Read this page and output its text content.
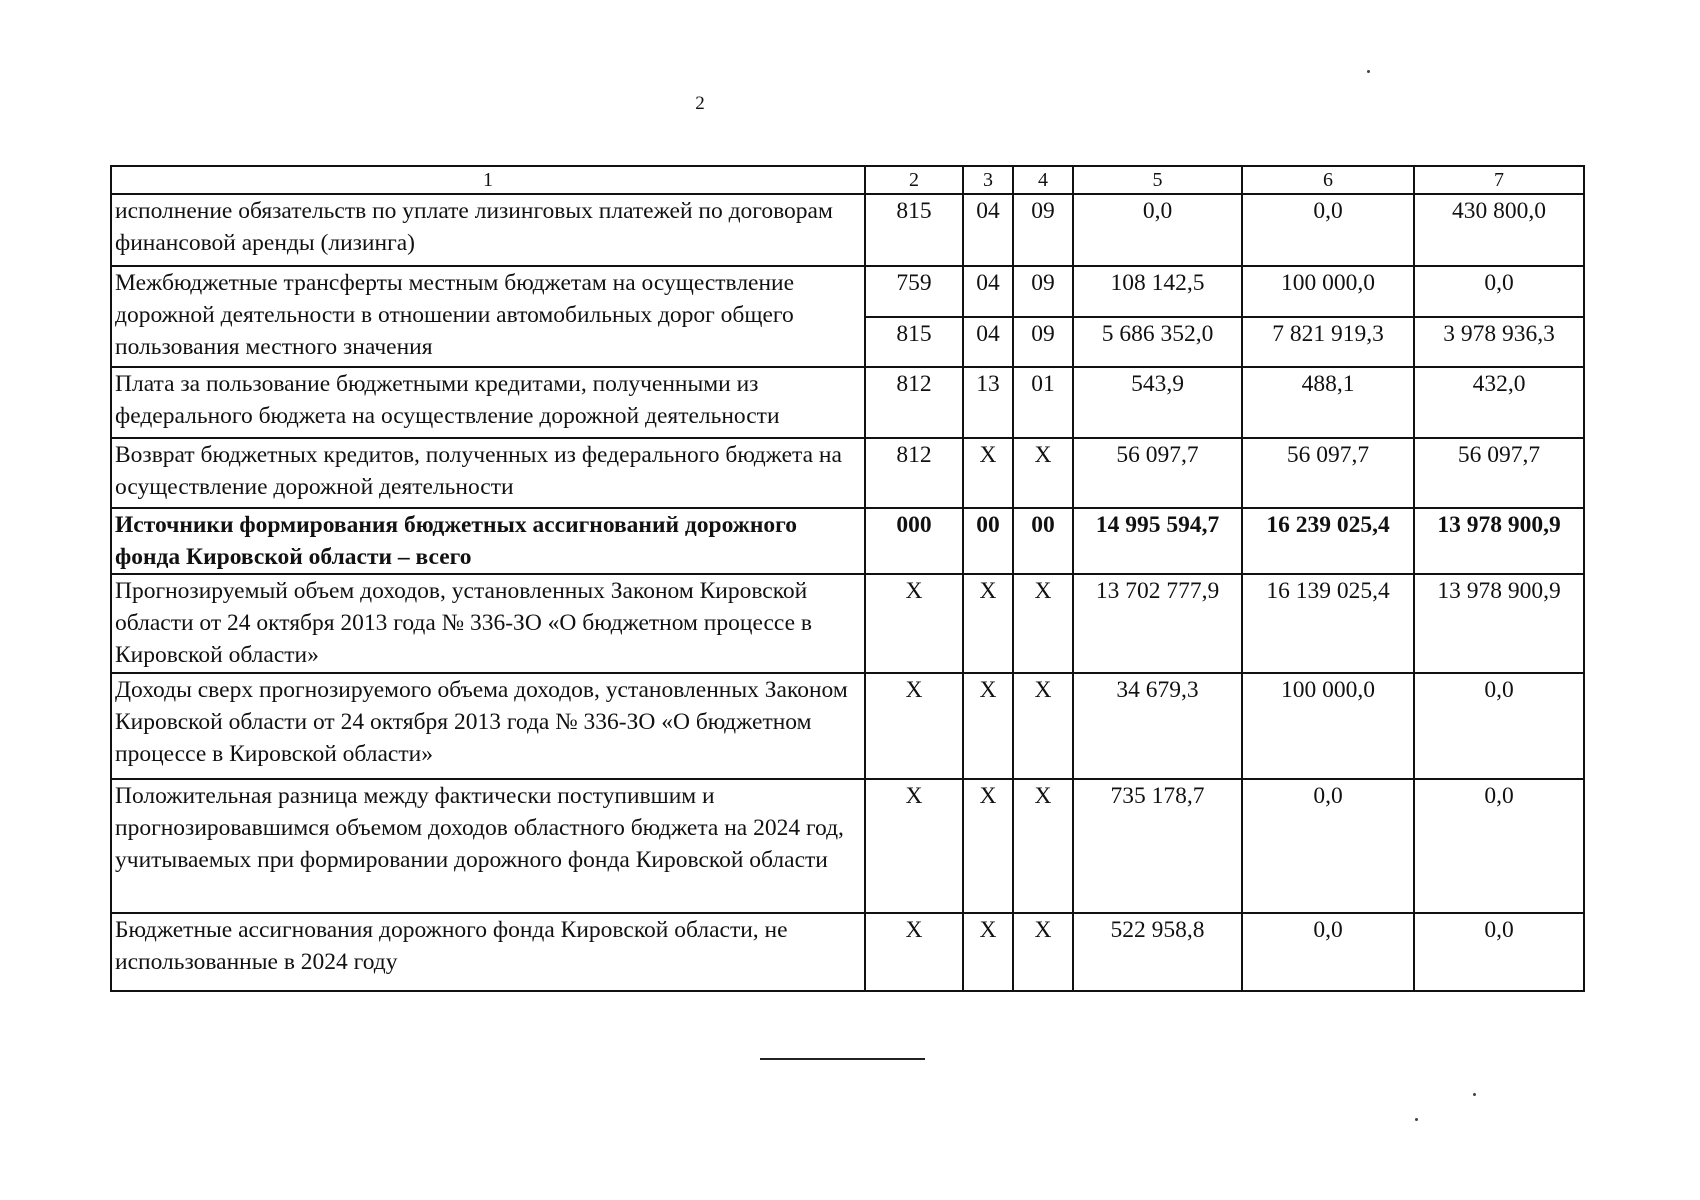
2
1	2	3	4	5	6	7
исполнение обязательств по уплате лизинговых платежей по договорам финансовой аренды (лизинга)	815	04	09	0,0	0,0	430 800,0
Межбюджетные трансферты местным бюджетам на осуществление дорожной деятельности в отношении автомобильных дорог общего пользования местного значения	759	04	09	108 142,5	100 000,0	0,0
	815	04	09	5 686 352,0	7 821 919,3	3 978 936,3
Плата за пользование бюджетными кредитами, полученными из федерального бюджета на осуществление дорожной деятельности	812	13	01	543,9	488,1	432,0
Возврат бюджетных кредитов, полученных из федерального бюджета на осуществление дорожной деятельности	812	X	X	56 097,7	56 097,7	56 097,7
Источники формирования бюджетных ассигнований дорожного фонда Кировской области – всего	000	00	00	14 995 594,7	16 239 025,4	13 978 900,9
Прогнозируемый объем доходов, установленных Законом Кировской области от 24 октября 2013 года № 336-ЗО «О бюджетном процессе в Кировской области»	X	X	X	13 702 777,9	16 139 025,4	13 978 900,9
Доходы сверх прогнозируемого объема доходов, установленных Законом Кировской области от 24 октября 2013 года № 336-ЗО «О бюджетном процессе в Кировской области»	X	X	X	34 679,3	100 000,0	0,0
Положительная разница между фактически поступившим и прогнозировавшимся объемом доходов областного бюджета на 2024 год, учитываемых при формировании дорожного фонда Кировской области	X	X	X	735 178,7	0,0	0,0
Бюджетные ассигнования дорожного фонда Кировской области, не использованные в 2024 году	X	X	X	522 958,8	0,0	0,0
